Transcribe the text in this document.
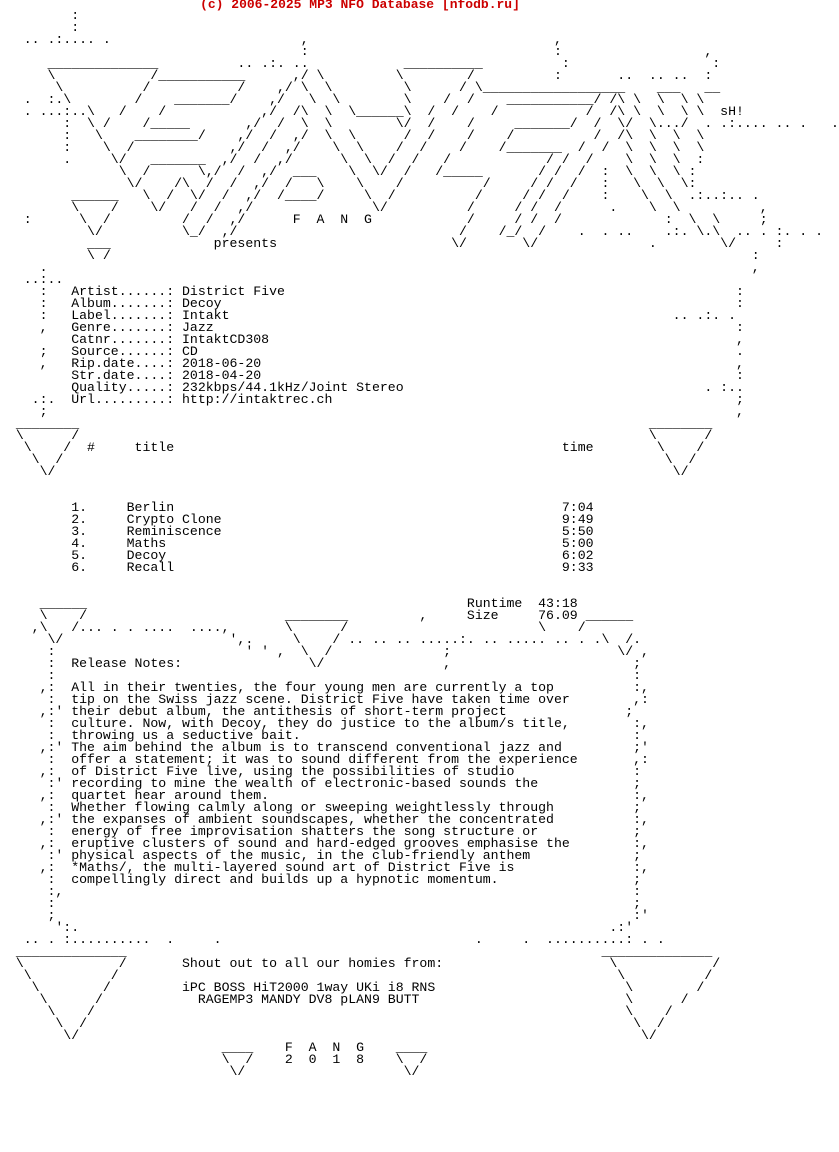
(c) 2006-2025 MP3 NFO Database [nfodb.ru]
:
:
.. .:.... .                        ,                               ,
:                               :                  ,
______________          .. .:. ..            __________          :                  :
\            /___________      ,/ \         \        /          :       ..  .. ..  :
\          /           /    ,/ \  \         \      / \__________________    ___   __
.  :.\        /    _______/    ,/   \  \        \    /  /    ___________/ /\ \  \  \ \
. ...:..\   /    /            ,/  /\  \  \______\  /  /    /           /  /\ \  \  \ \  sH!
:  \ /    /_____       ,/  /  \  \        \/  /    /     _______/  /  \/  \.../  . .:.... .. .   .
:   \    ________/    ,/  /  ,/  \  \      /  /    /    /          /  /\  \  \  \
:    \  /            ,/  /  ,/    \  \    /  /    /    /_______  /  /  \  \  \  \
.     \/   _______  ,/  /  ,/      \  \  /  /   /            / /  /    \  \  \  :
\  /      \,/  /  ,/  ___    \  \/  /   /_____       / /  /  :  \  \  \ :
\/    /\  /  /  ,/  /   \    \    /          /     / /  /   :   \  \  \:
______   \  /  \/  /  ,/  /____/     \  /          /     / /  /    :    \  \  .:..:.. .
\    /    \/   /  /  ,/               \/          /     / /  /      .    \  \          ,
:      \  /         /  /  ,/      F  A  N  G            /     / /  /             :  \  \     ;
\/          \_/  ,/                            /    /_/  /    .  . ..    .:. \.\  .. . :. . .
___             presents                      \/       \/              .        \/     :
\ /                                                                                 :
.                                                                                         ,
..:..
:   Artist......: District Five                                                         :
:   Album.......: Decoy                                                                 :
:   Label.......: Intakt                                                        .. .:. .
,   Genre.......: Jazz                                                                  :
Catnr.......: IntaktCD308                                                           ,
;   Source......: CD                                                                    .
,   Rip.date....: 2018-06-20                                                            ,
Str.date....: 2018-04-20                                                            :
Quality.....: 232kbps/44.1kHz/Joint Stereo                                      . :..
.:.  Url.........: http://intaktrec.ch                                                   ;
;                                                                                       ,
________                                                                        ________
\      /                                                                        \      /
\    /  #     title                                                 time        \    /
\  /                                                                            \  /
\/                                                                              \/

1.     Berlin                                                 7:04
2.     Crypto Clone                                           9:49
3.     Reminiscence                                           5:50
4.     Maths                                                  5:00
5.     Decoy                                                  6:02
6.     Recall                                                 9:33

______                                                Runtime  43:18
\    /                         ________         ,     Size     76.09 ______
,\   /... . . ....  ....,       \      /                        \    /
\/                     ',.     \    / .. .. .. .....:. .. ..... .. . .\  /.
:                        ' ' ,  \  /              ;                     \/ ,
:  Release Notes:                \/               ,                       ;
:                                                                         :
,:  All in their twenties, the four young men are currently a top          :,
:  tip on the Swiss jazz scene. District Five have taken time over        ,:
,:' their debut album, the antithesis of short-term project               ;
:  culture. Now, with Decoy, they do justice to the album/s title,        :,
:  throwing us a seductive bait.                                          :
,:' The aim behind the album is to transcend conventional jazz and         ;'
:  offer a statement; it was to sound different from the experience       ,:
,:  of District Five live, using the possibilities of studio               :
:' recording to mine the wealth of electronic-based sounds the            ;
,:  quartet hear around them.                                              :,
:  Whether flowing calmly along or sweeping weightlessly through          ;
,:' the expanses of ambient soundscapes, whether the concentrated          :,
:  energy of free improvisation shatters the song structure or            ;
,:  eruptive clusters of sound and hard-edged grooves emphasise the        :,
:' physical aspects of the music, in the club-friendly anthem             ;
,:  *Maths/, the multi-layered sound art of District Five is               :,
:  compellingly direct and builds up a hypnotic momentum.                 ;
:,                                                                        :
:                                                                         ;
;                                                                         :'
':.                                                                   .:'
.. . :..........  .     .                                .     .  ..........: . .
______________                                                            ______________
\            /       Shout out to all our homies from:                     \            /
\          /                                                               \          /
\        /         iPC BOSS HiT2000 1way UKi i8 RNS                        \        /
\      /            RAGEMP3 MANDY DV8 pLAN9 BUTT                          \      /
\    /                                                                   \    /
\  /                                                                     \  /
\/                                                                       \/
____    F  A  N  G    ____
\  /    2  0  1  8    \  /
\/                    \/
